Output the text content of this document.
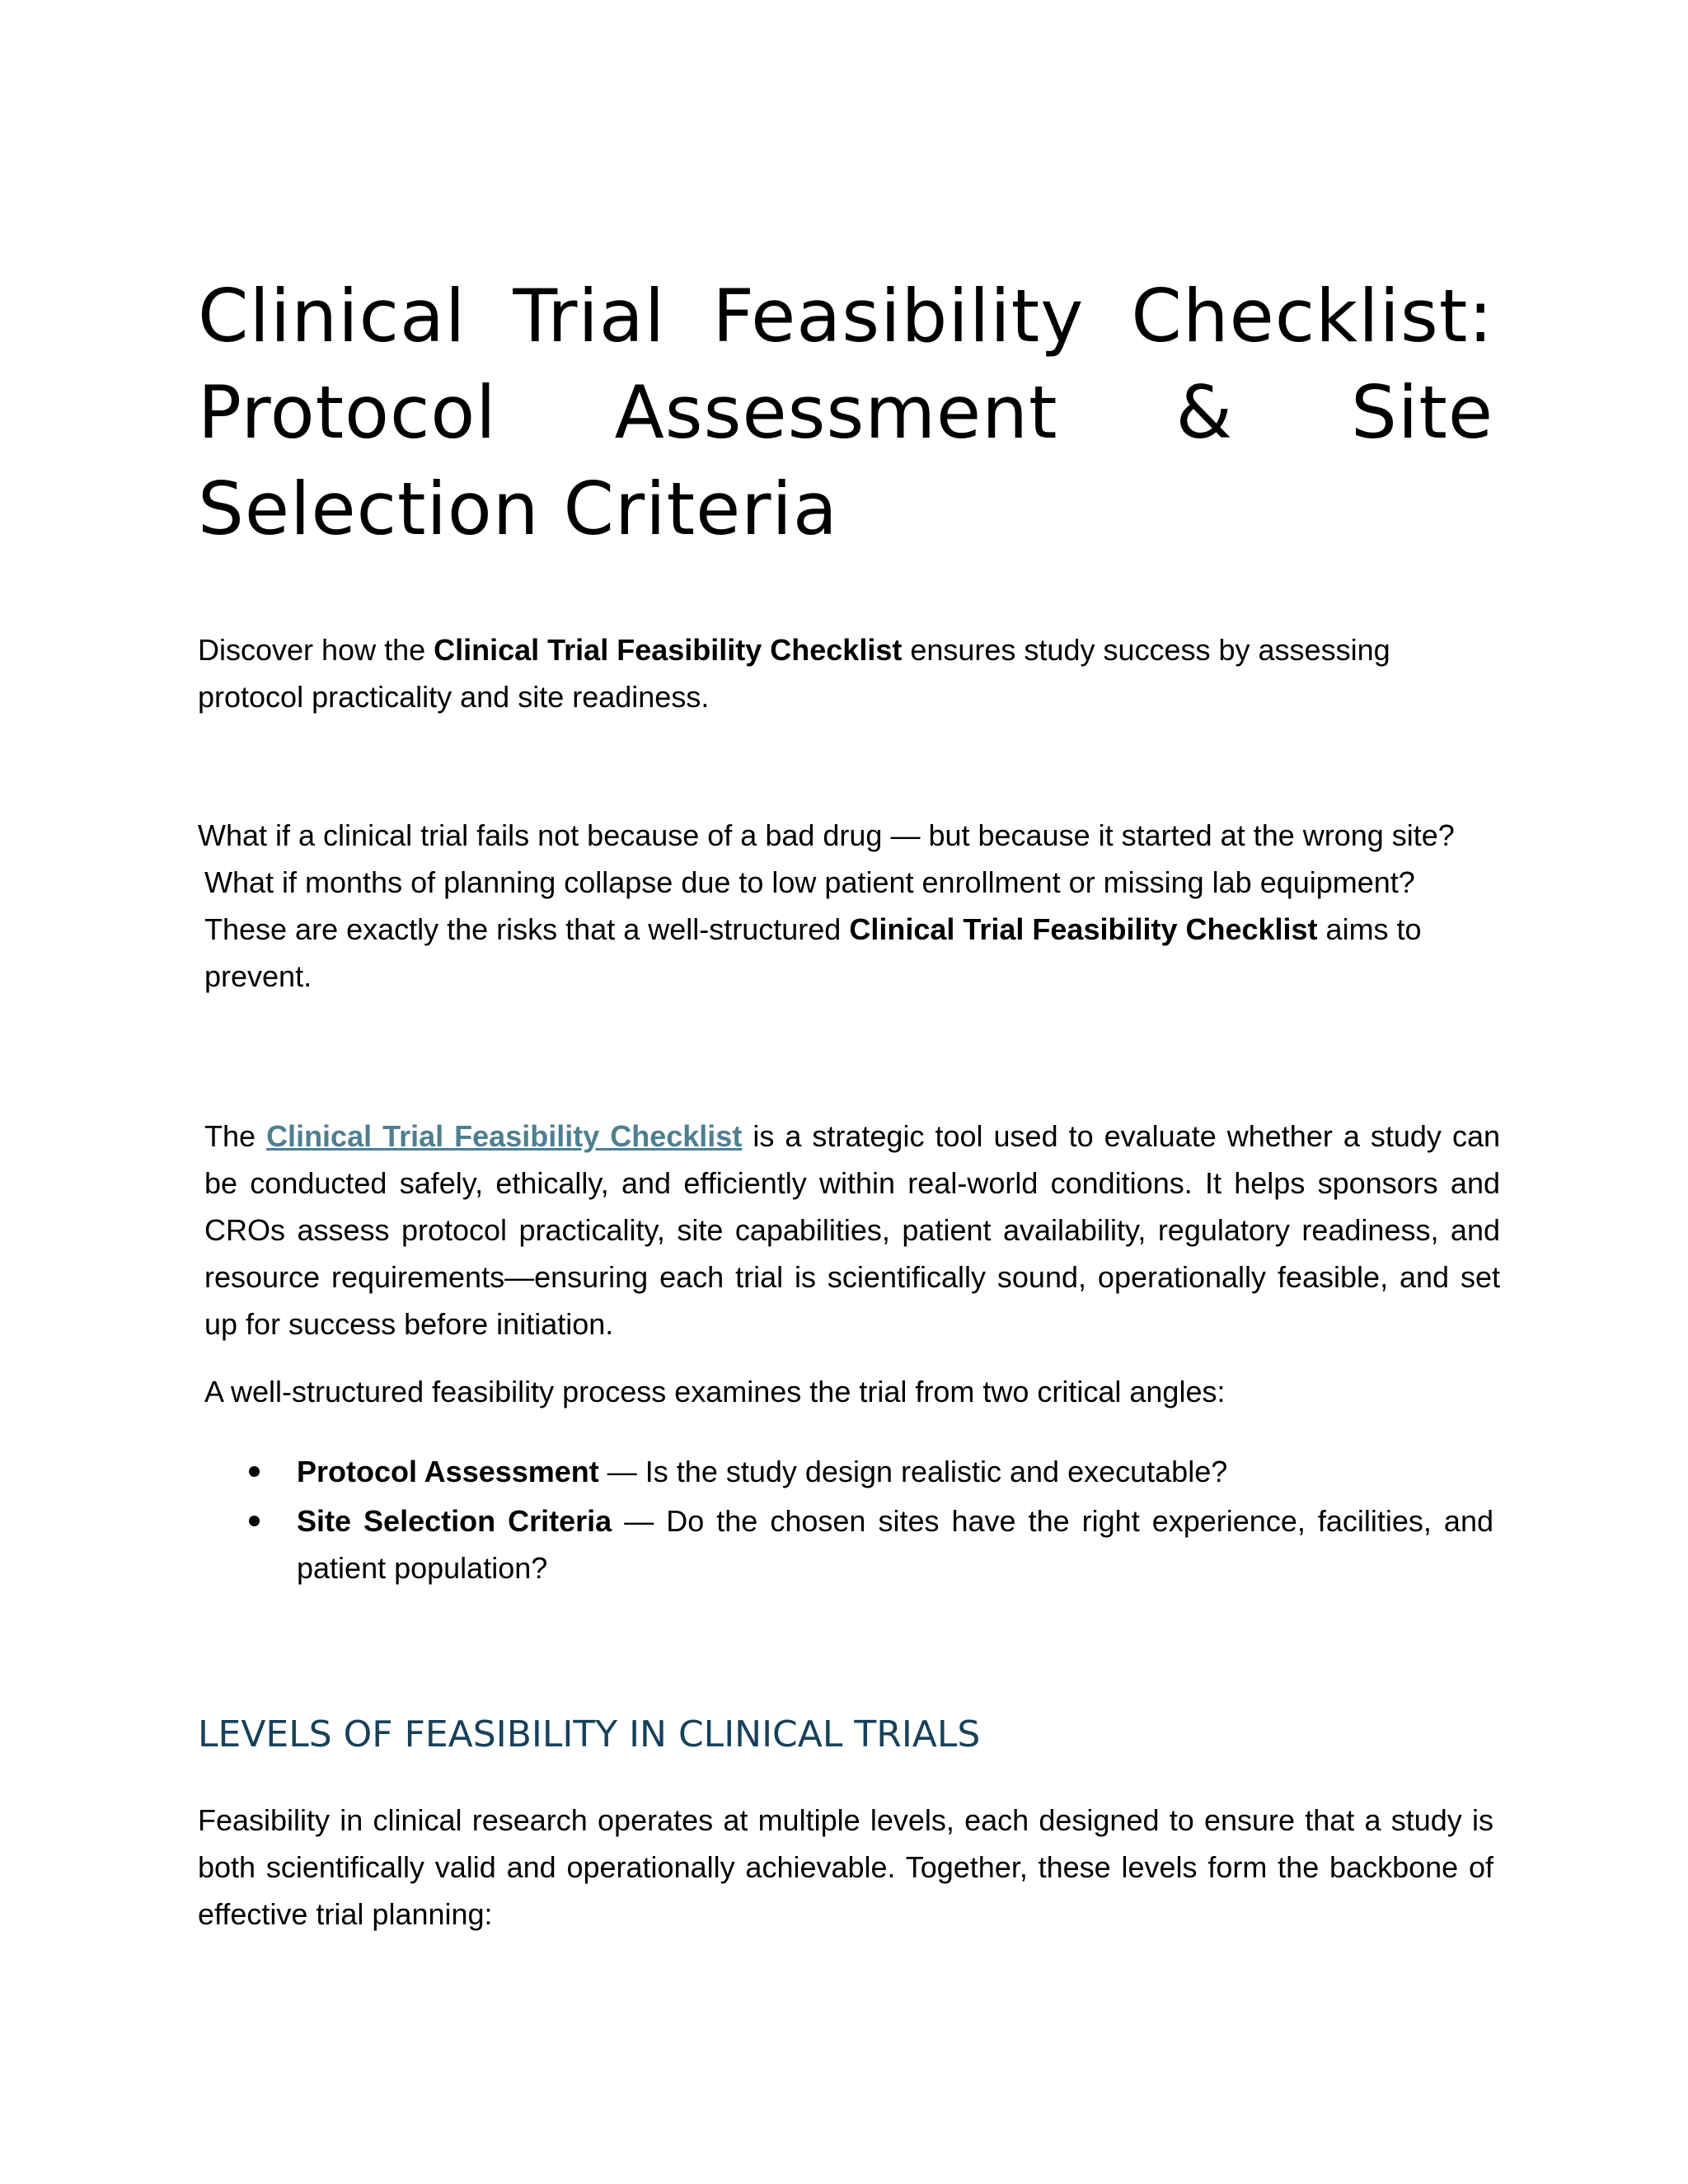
Clinical Trial Feasibility Checklist: Protocol Assessment & Site Selection Criteria

Discover how the Clinical Trial Feasibility Checklist ensures study success by assessing protocol practicality and site readiness.

What if a clinical trial fails not because of a bad drug — but because it started at the wrong site?

What if months of planning collapse due to low patient enrollment or missing lab equipment?

These are exactly the risks that a well-structured Clinical Trial Feasibility Checklist aims to prevent.

The Clinical Trial Feasibility Checklist is a strategic tool used to evaluate whether a study can be conducted safely, ethically, and efficiently within real-world conditions. It helps sponsors and CROs assess protocol practicality, site capabilities, patient availability, regulatory readiness, and resource requirements—ensuring each trial is scientifically sound, operationally feasible, and set up for success before initiation.

A well-structured feasibility process examines the trial from two critical angles:

Protocol Assessment — Is the study design realistic and executable?
Site Selection Criteria — Do the chosen sites have the right experience, facilities, and patient population?
LEVELS OF FEASIBILITY IN CLINICAL TRIALS

Feasibility in clinical research operates at multiple levels, each designed to ensure that a study is both scientifically valid and operationally achievable. Together, these levels form the backbone of effective trial planning:
